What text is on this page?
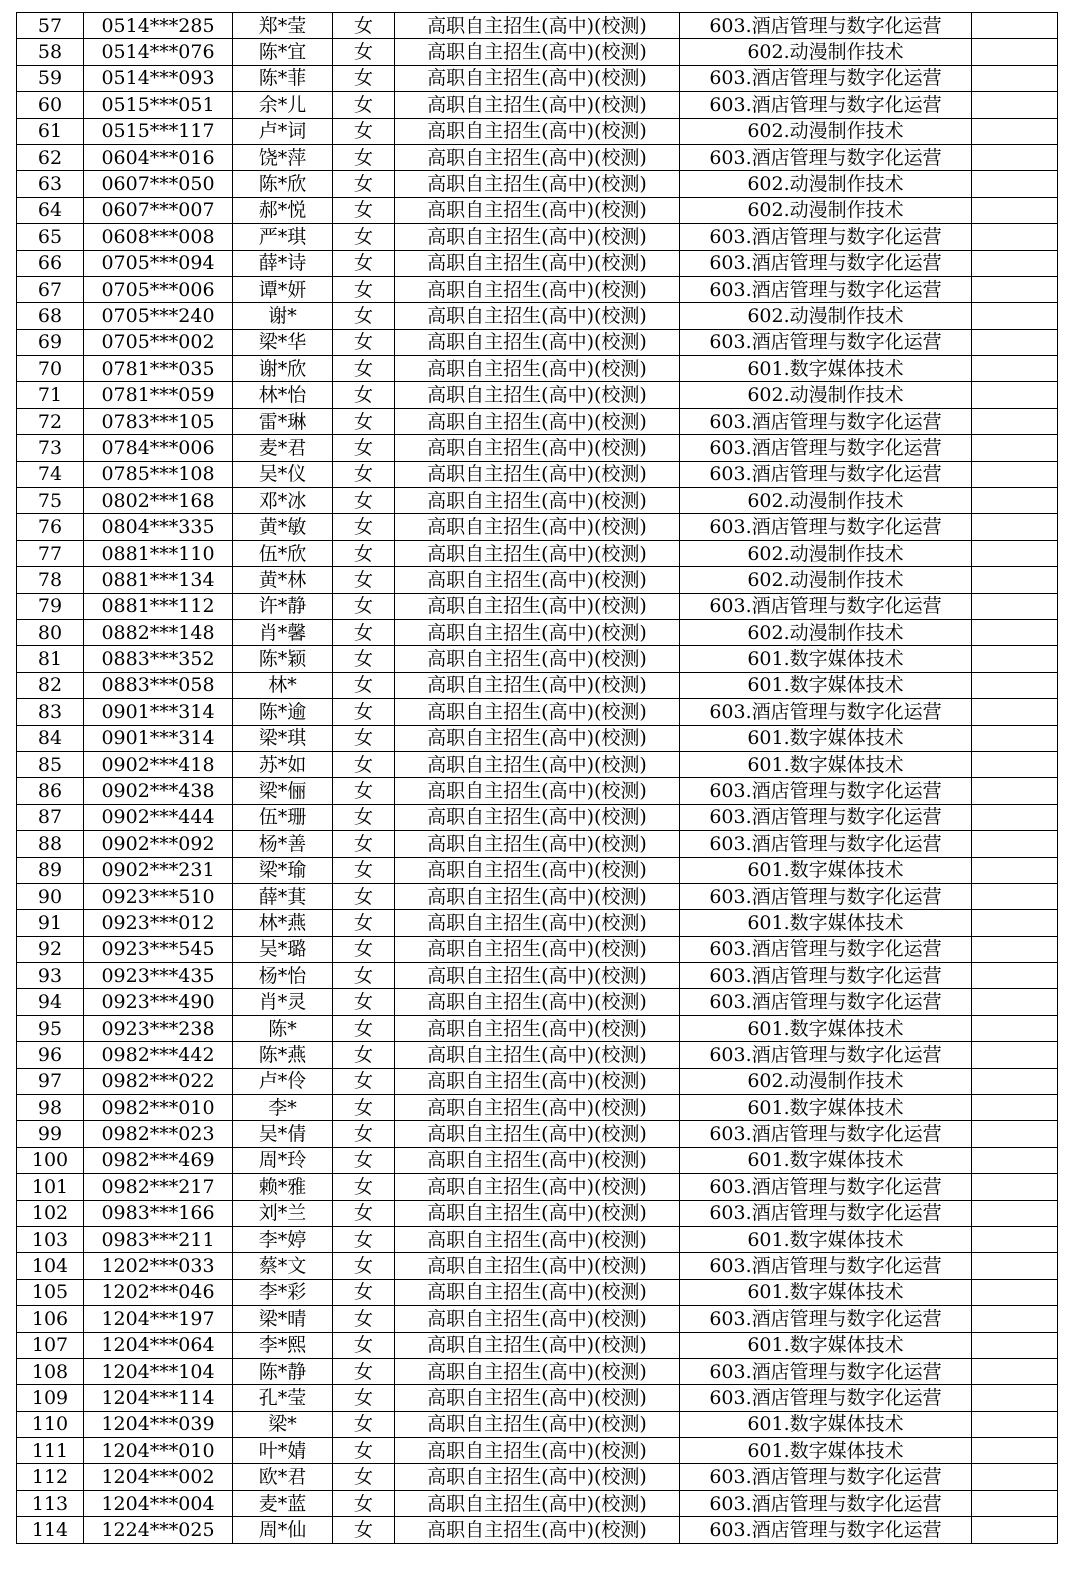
57	0514***285	郑*莹	女	高职自主招生(高中)(校测)	603.酒店管理与数字化运营	
58	0514***076	陈*宜	女	高职自主招生(高中)(校测)	602.动漫制作技术	
59	0514***093	陈*菲	女	高职自主招生(高中)(校测)	603.酒店管理与数字化运营	
60	0515***051	余*儿	女	高职自主招生(高中)(校测)	603.酒店管理与数字化运营	
61	0515***117	卢*词	女	高职自主招生(高中)(校测)	602.动漫制作技术	
62	0604***016	饶*萍	女	高职自主招生(高中)(校测)	603.酒店管理与数字化运营	
63	0607***050	陈*欣	女	高职自主招生(高中)(校测)	602.动漫制作技术	
64	0607***007	郝*悦	女	高职自主招生(高中)(校测)	602.动漫制作技术	
65	0608***008	严*琪	女	高职自主招生(高中)(校测)	603.酒店管理与数字化运营	
66	0705***094	薛*诗	女	高职自主招生(高中)(校测)	603.酒店管理与数字化运营	
67	0705***006	谭*妍	女	高职自主招生(高中)(校测)	603.酒店管理与数字化运营	
68	0705***240	谢*	女	高职自主招生(高中)(校测)	602.动漫制作技术	
69	0705***002	梁*华	女	高职自主招生(高中)(校测)	603.酒店管理与数字化运营	
70	0781***035	谢*欣	女	高职自主招生(高中)(校测)	601.数字媒体技术	
71	0781***059	林*怡	女	高职自主招生(高中)(校测)	602.动漫制作技术	
72	0783***105	雷*琳	女	高职自主招生(高中)(校测)	603.酒店管理与数字化运营	
73	0784***006	麦*君	女	高职自主招生(高中)(校测)	603.酒店管理与数字化运营	
74	0785***108	吴*仪	女	高职自主招生(高中)(校测)	603.酒店管理与数字化运营	
75	0802***168	邓*冰	女	高职自主招生(高中)(校测)	602.动漫制作技术	
76	0804***335	黄*敏	女	高职自主招生(高中)(校测)	603.酒店管理与数字化运营	
77	0881***110	伍*欣	女	高职自主招生(高中)(校测)	602.动漫制作技术	
78	0881***134	黄*林	女	高职自主招生(高中)(校测)	602.动漫制作技术	
79	0881***112	许*静	女	高职自主招生(高中)(校测)	603.酒店管理与数字化运营	
80	0882***148	肖*馨	女	高职自主招生(高中)(校测)	602.动漫制作技术	
81	0883***352	陈*颖	女	高职自主招生(高中)(校测)	601.数字媒体技术	
82	0883***058	林*	女	高职自主招生(高中)(校测)	601.数字媒体技术	
83	0901***314	陈*逾	女	高职自主招生(高中)(校测)	603.酒店管理与数字化运营	
84	0901***314	梁*琪	女	高职自主招生(高中)(校测)	601.数字媒体技术	
85	0902***418	苏*如	女	高职自主招生(高中)(校测)	601.数字媒体技术	
86	0902***438	梁*俪	女	高职自主招生(高中)(校测)	603.酒店管理与数字化运营	
87	0902***444	伍*珊	女	高职自主招生(高中)(校测)	603.酒店管理与数字化运营	
88	0902***092	杨*善	女	高职自主招生(高中)(校测)	603.酒店管理与数字化运营	
89	0902***231	梁*瑜	女	高职自主招生(高中)(校测)	601.数字媒体技术	
90	0923***510	薛*萁	女	高职自主招生(高中)(校测)	603.酒店管理与数字化运营	
91	0923***012	林*燕	女	高职自主招生(高中)(校测)	601.数字媒体技术	
92	0923***545	吴*璐	女	高职自主招生(高中)(校测)	603.酒店管理与数字化运营	
93	0923***435	杨*怡	女	高职自主招生(高中)(校测)	603.酒店管理与数字化运营	
94	0923***490	肖*灵	女	高职自主招生(高中)(校测)	603.酒店管理与数字化运营	
95	0923***238	陈*	女	高职自主招生(高中)(校测)	601.数字媒体技术	
96	0982***442	陈*燕	女	高职自主招生(高中)(校测)	603.酒店管理与数字化运营	
97	0982***022	卢*伶	女	高职自主招生(高中)(校测)	602.动漫制作技术	
98	0982***010	李*	女	高职自主招生(高中)(校测)	601.数字媒体技术	
99	0982***023	吴*倩	女	高职自主招生(高中)(校测)	603.酒店管理与数字化运营	
100	0982***469	周*玲	女	高职自主招生(高中)(校测)	601.数字媒体技术	
101	0982***217	赖*雅	女	高职自主招生(高中)(校测)	603.酒店管理与数字化运营	
102	0983***166	刘*兰	女	高职自主招生(高中)(校测)	603.酒店管理与数字化运营	
103	0983***211	李*婷	女	高职自主招生(高中)(校测)	601.数字媒体技术	
104	1202***033	蔡*文	女	高职自主招生(高中)(校测)	603.酒店管理与数字化运营	
105	1202***046	李*彩	女	高职自主招生(高中)(校测)	601.数字媒体技术	
106	1204***197	梁*晴	女	高职自主招生(高中)(校测)	603.酒店管理与数字化运营	
107	1204***064	李*熙	女	高职自主招生(高中)(校测)	601.数字媒体技术	
108	1204***104	陈*静	女	高职自主招生(高中)(校测)	603.酒店管理与数字化运营	
109	1204***114	孔*莹	女	高职自主招生(高中)(校测)	603.酒店管理与数字化运营	
110	1204***039	梁*	女	高职自主招生(高中)(校测)	601.数字媒体技术	
111	1204***010	叶*婧	女	高职自主招生(高中)(校测)	601.数字媒体技术	
112	1204***002	欧*君	女	高职自主招生(高中)(校测)	603.酒店管理与数字化运营	
113	1204***004	麦*蓝	女	高职自主招生(高中)(校测)	603.酒店管理与数字化运营	
114	1224***025	周*仙	女	高职自主招生(高中)(校测)	603.酒店管理与数字化运营	
